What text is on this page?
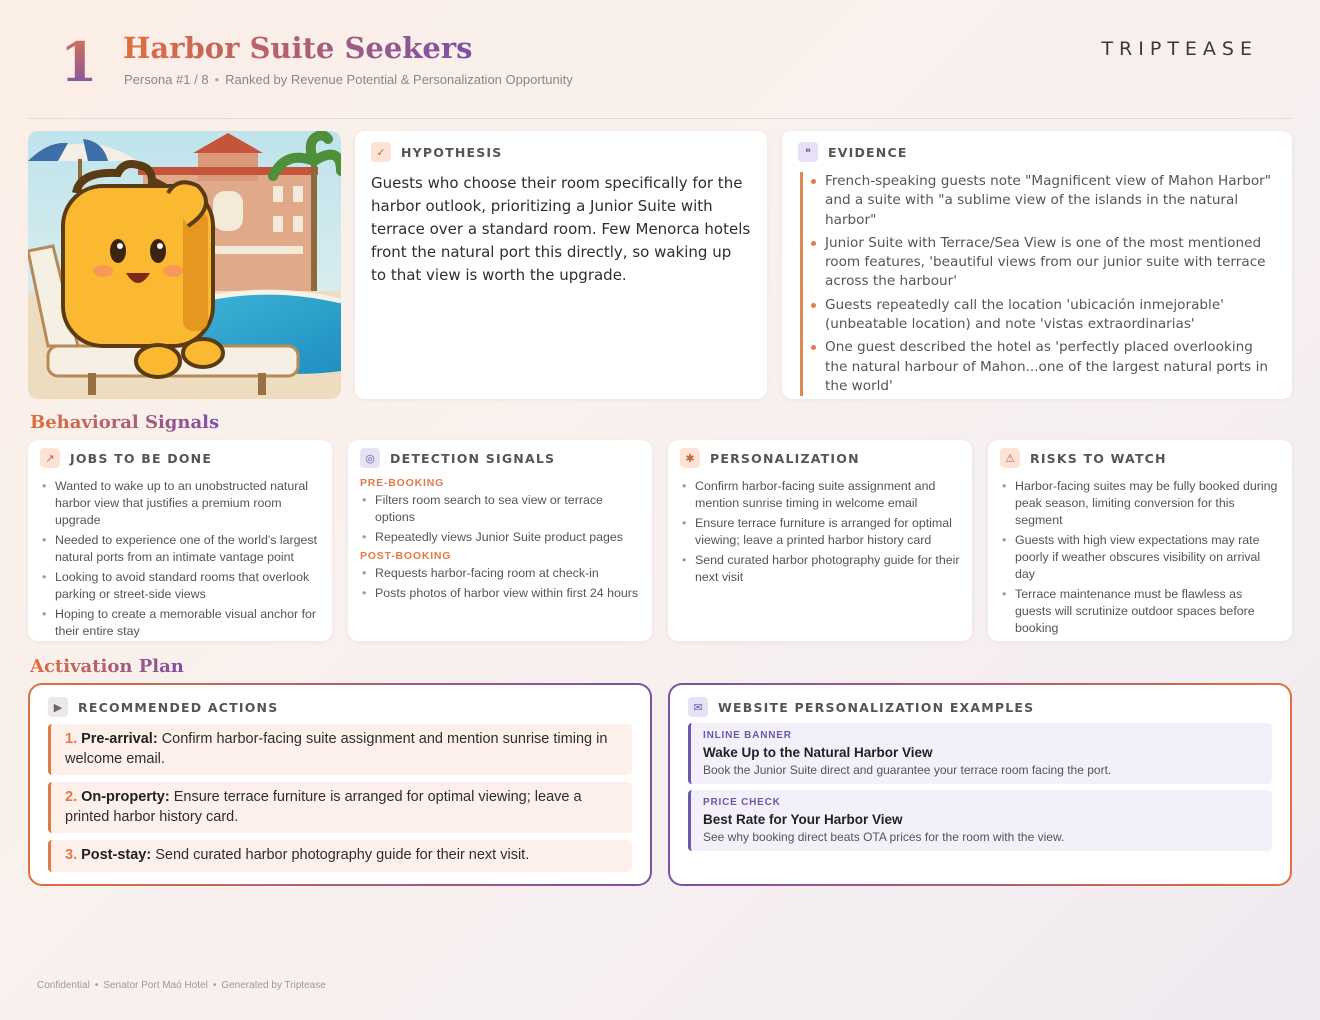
1 Harbor Suite Seekers
Persona #1 / 8 • Ranked by Revenue Potential & Personalization Opportunity
TRIPTEASE
✓	HYPOTHESIS
Guests who choose their room specifically for the harbor outlook, prioritizing a Junior Suite with terrace over a standard room. Few Menorca hotels front the natural port this directly, so waking up to that view is worth the upgrade.
❝	EVIDENCE
French-speaking guests note "Magnificent view of Mahon Harbor" and a suite with "a sublime view of the islands in the natural harbor"
Junior Suite with Terrace/Sea View is one of the most mentioned room features, 'beautiful views from our junior suite with terrace across the harbour'
Guests repeatedly call the location 'ubicación inmejorable' (unbeatable location) and note 'vistas extraordinarias'
One guest described the hotel as 'perfectly placed overlooking the natural harbour of Mahon...one of the largest natural ports in the world'
Behavioral Signals
↗	JOBS TO BE DONE
• Wanted to wake up to an unobstructed natural harbor view that justifies a premium room upgrade
• Needed to experience one of the world's largest natural ports from an intimate vantage point
• Looking to avoid standard rooms that overlook parking or street-side views
• Hoping to create a memorable visual anchor for their entire stay
◎	DETECTION SIGNALS
PRE-BOOKING
• Filters room search to sea view or terrace options
• Repeatedly views Junior Suite product pages
POST-BOOKING
• Requests harbor-facing room at check-in
• Posts photos of harbor view within first 24 hours
✱	PERSONALIZATION
• Confirm harbor-facing suite assignment and mention sunrise timing in welcome email
• Ensure terrace furniture is arranged for optimal viewing; leave a printed harbor history card
• Send curated harbor photography guide for their next visit
⚠	RISKS TO WATCH
• Harbor-facing suites may be fully booked during peak season, limiting conversion for this segment
• Guests with high view expectations may rate poorly if weather obscures visibility on arrival day
• Terrace maintenance must be flawless as guests will scrutinize outdoor spaces before booking
Activation Plan
▶	RECOMMENDED ACTIONS
1. Pre-arrival: Confirm harbor-facing suite assignment and mention sunrise timing in welcome email.
2. On-property: Ensure terrace furniture is arranged for optimal viewing; leave a printed harbor history card.
3. Post-stay: Send curated harbor photography guide for their next visit.
✉	WEBSITE PERSONALIZATION EXAMPLES
INLINE BANNER
Wake Up to the Natural Harbor View
Book the Junior Suite direct and guarantee your terrace room facing the port.
PRICE CHECK
Best Rate for Your Harbor View
See why booking direct beats OTA prices for the room with the view.
Confidential • Senator Port Maó Hotel • Generated by Triptease
